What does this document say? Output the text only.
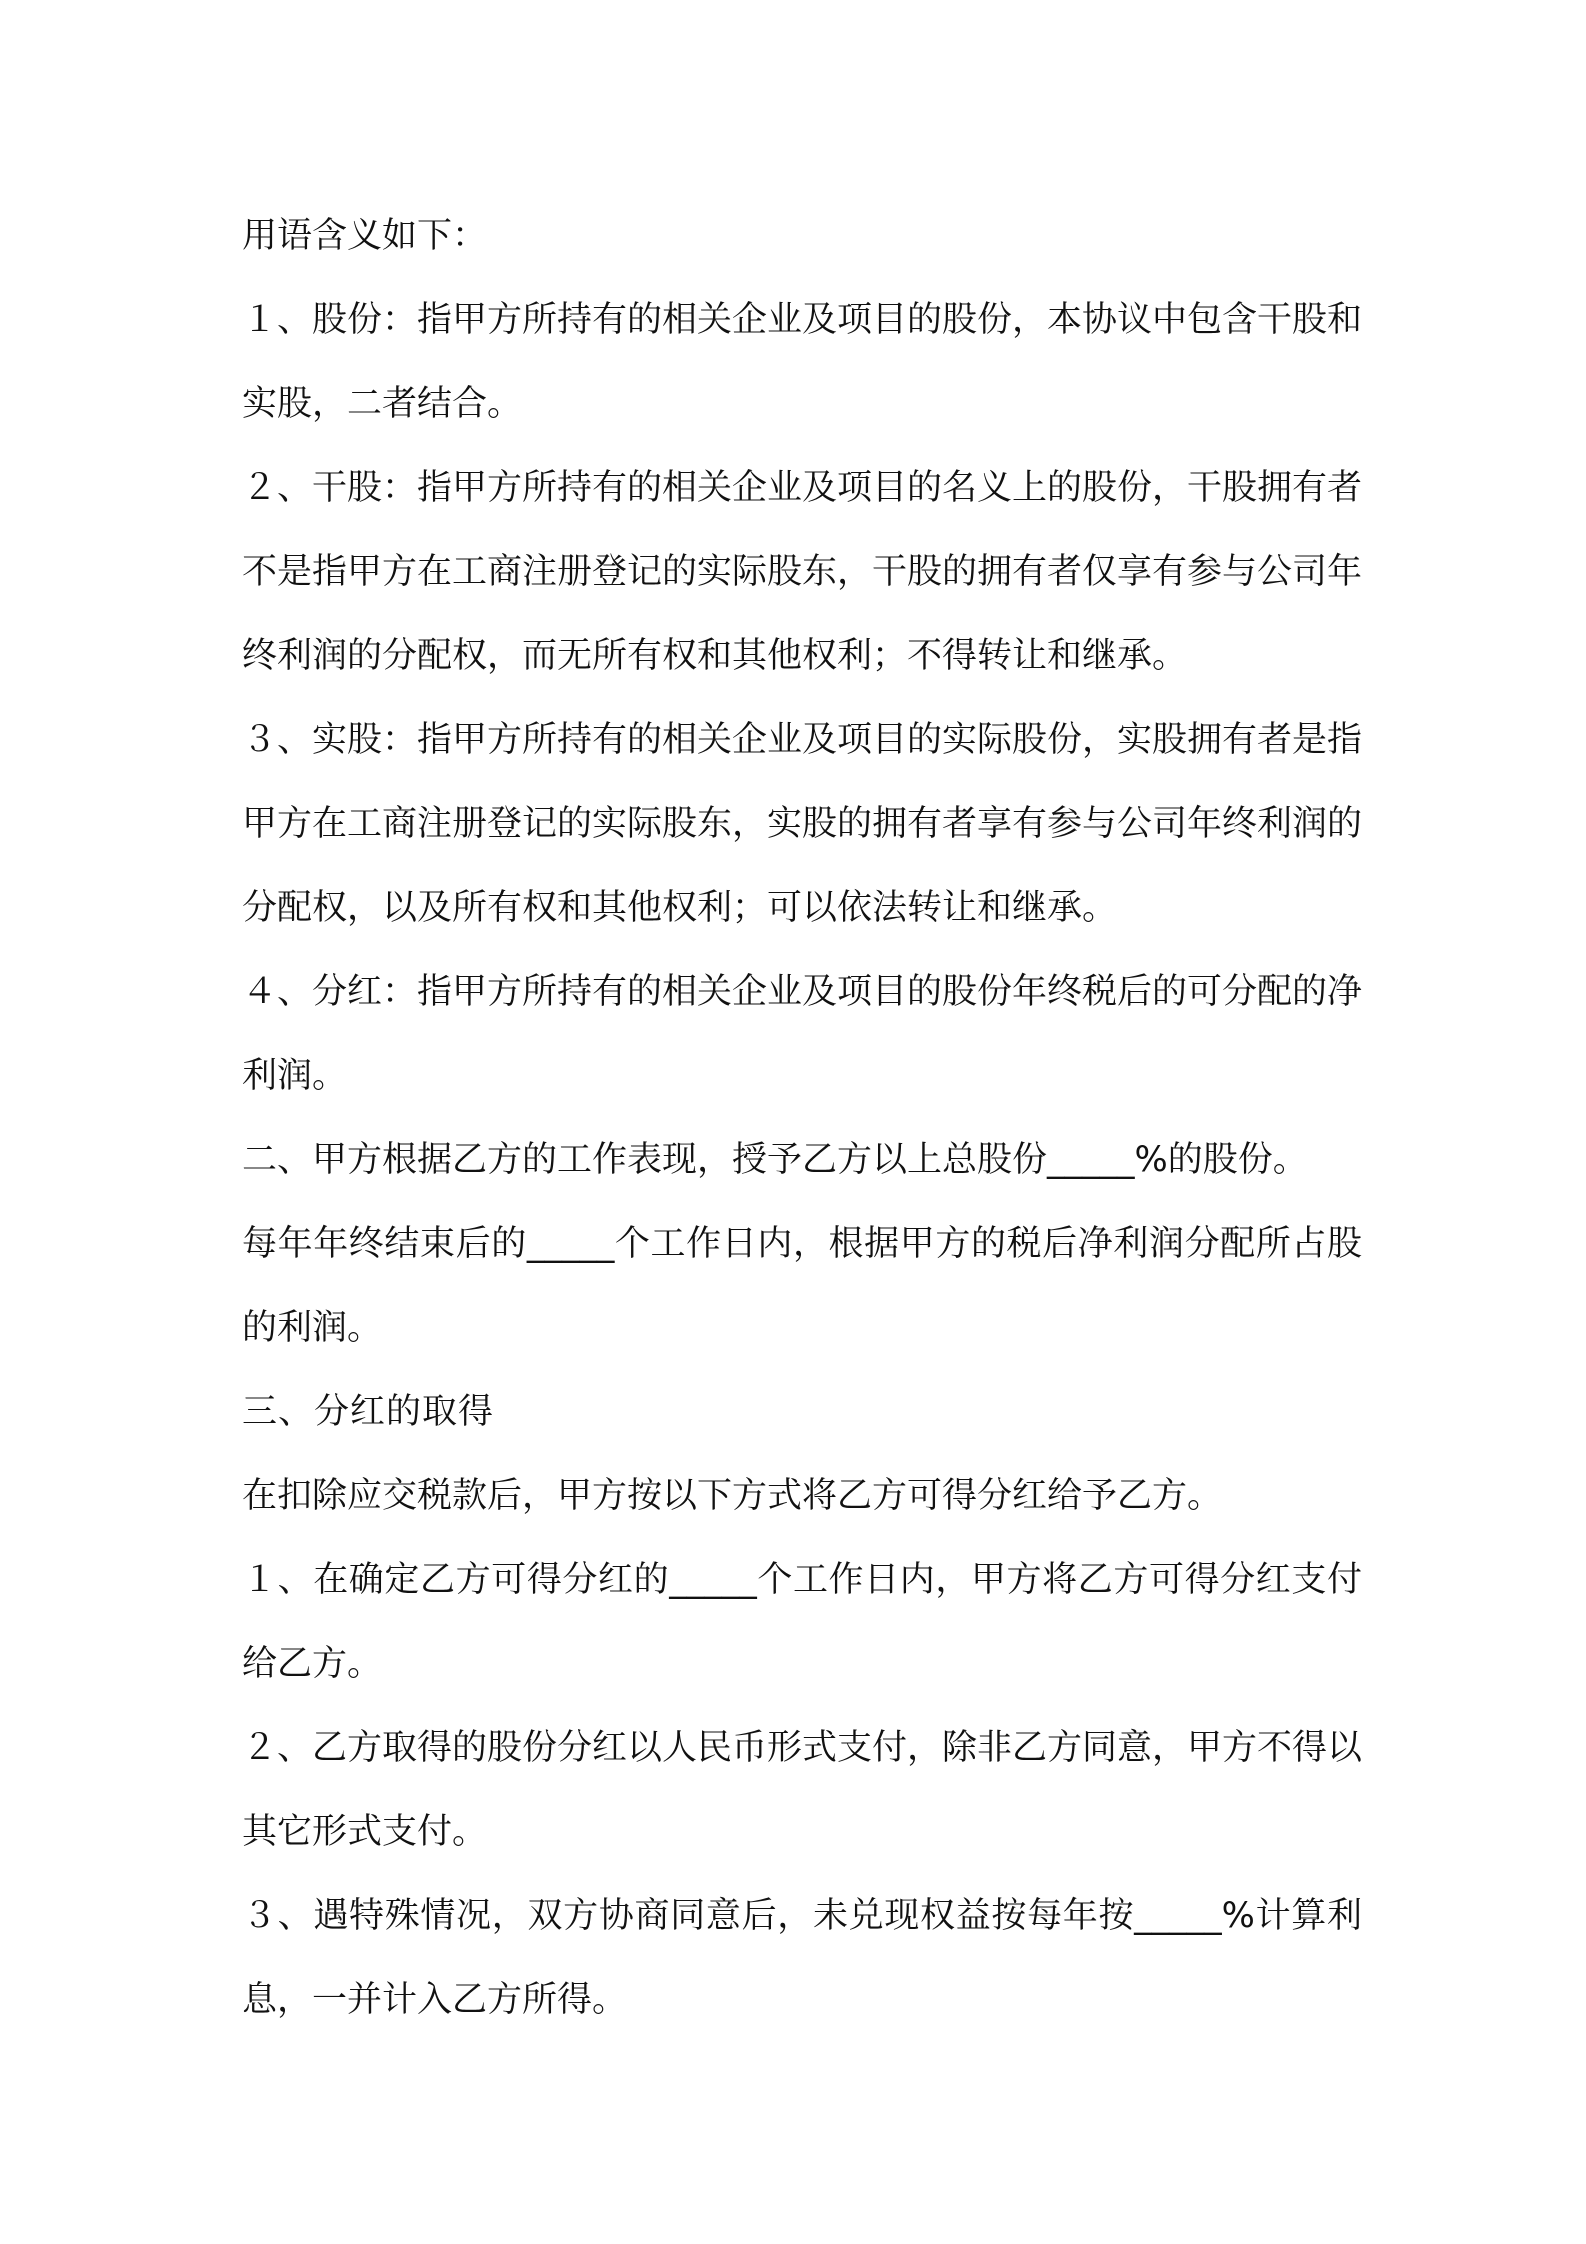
用语含义如下：

１、股份：指甲方所持有的相关企业及项目的股份，本协议中包含干股和实股，二者结合。

２、干股：指甲方所持有的相关企业及项目的名义上的股份，干股拥有者不是指甲方在工商注册登记的实际股东，干股的拥有者仅享有参与公司年终利润的分配权，而无所有权和其他权利；不得转让和继承。

３、实股：指甲方所持有的相关企业及项目的实际股份，实股拥有者是指甲方在工商注册登记的实际股东，实股的拥有者享有参与公司年终利润的分配权，以及所有权和其他权利；可以依法转让和继承。

４、分红：指甲方所持有的相关企业及项目的股份年终税后的可分配的净利润。

二、甲方根据乙方的工作表现，授予乙方以上总股份_____%的股份。

每年年终结束后的_____个工作日内，根据甲方的税后净利润分配所占股的利润。

三、分红的取得

在扣除应交税款后，甲方按以下方式将乙方可得分红给予乙方。

１、在确定乙方可得分红的_____个工作日内，甲方将乙方可得分红支付给乙方。

２、乙方取得的股份分红以人民币形式支付，除非乙方同意，甲方不得以其它形式支付。

３、遇特殊情况，双方协商同意后，未兑现权益按每年按_____%计算利息，一并计入乙方所得。
